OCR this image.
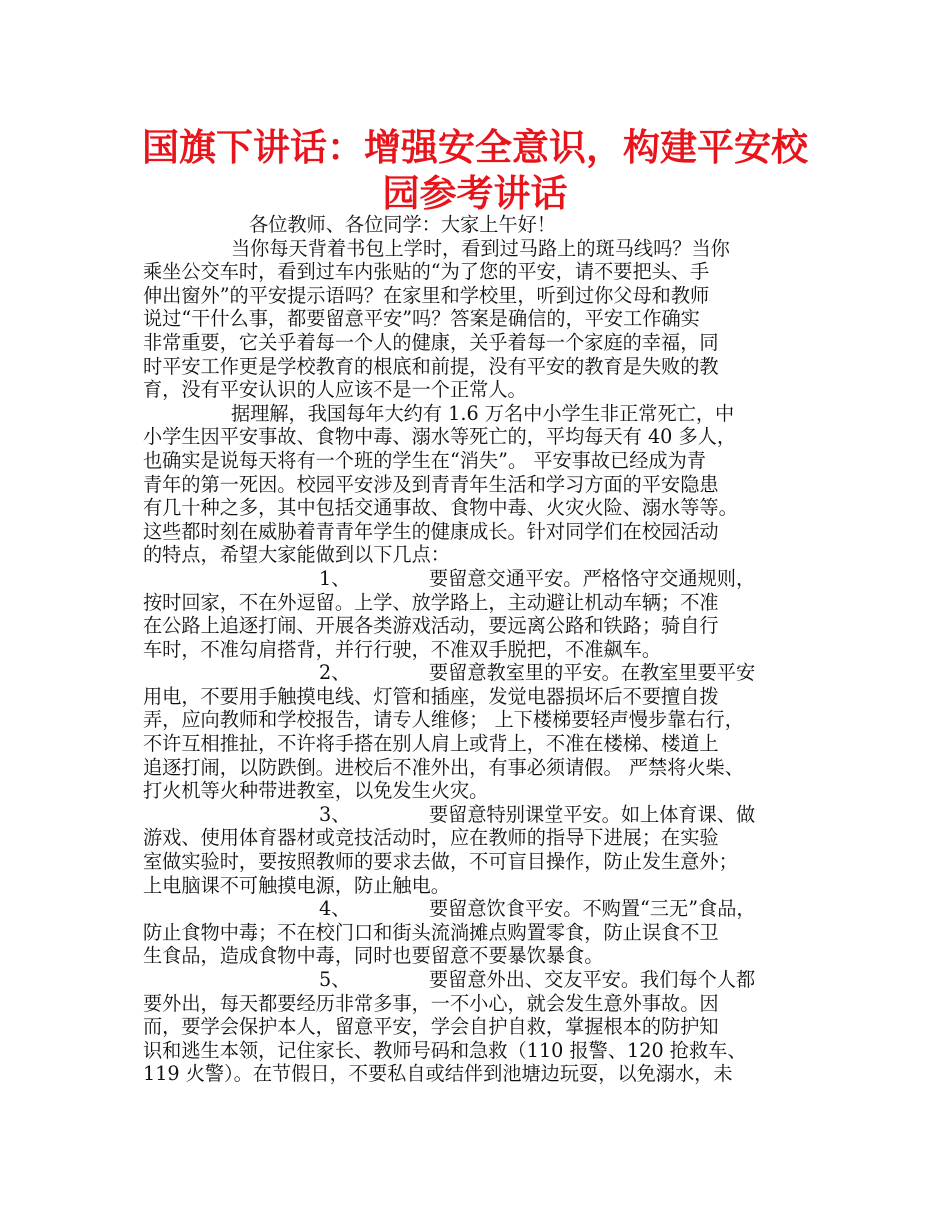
国旗下讲话：增强安全意识，构建平安校
园参考讲话

各位教师、各位同学：大家上午好！

当你每天背着书包上学时，看到过马路上的斑马线吗？当你

乘坐公交车时，看到过车内张贴的“为了您的平安，请不要把头、手

伸出窗外”的平安提示语吗？在家里和学校里，听到过你父母和教师

说过“干什么事，都要留意平安”吗？答案是确信的，平安工作确实

非常重要，它关乎着每一个人的健康，关乎着每一个家庭的幸福，同

时平安工作更是学校教育的根底和前提，没有平安的教育是失败的教

育，没有平安认识的人应该不是一个正常人。

据理解，我国每年大约有 1.6 万名中小学生非正常死亡，中

小学生因平安事故、食物中毒、溺水等死亡的，平均每天有 40 多人，

也确实是说每天将有一个班的学生在“消失”。 平安事故已经成为青

青年的第一死因。校园平安涉及到青青年生活和学习方面的平安隐患

有几十种之多，其中包括交通事故、食物中毒、火灾火险、溺水等等。

这些都时刻在威胁着青青年学生的健康成长。针对同学们在校园活动

的特点，希望大家能做到以下几点：

1、	要留意交通平安。严格恪守交通规则，

按时回家，不在外逗留。上学、放学路上，主动避让机动车辆；不准

在公路上追逐打闹、开展各类游戏活动，要远离公路和铁路；骑自行

车时，不准勾肩搭背，并行行驶，不准双手脱把，不准飙车。

2、	要留意教室里的平安。在教室里要平安

用电，不要用手触摸电线、灯管和插座，发觉电器损坏后不要擅自拨

弄，应向教师和学校报告，请专人维修； 上下楼梯要轻声慢步靠右行，

不许互相推扯，不许将手搭在别人肩上或背上，不准在楼梯、楼道上

追逐打闹，以防跌倒。进校后不准外出，有事必须请假。 严禁将火柴、

打火机等火种带进教室，以免发生火灾。

3、	要留意特别课堂平安。如上体育课、做

游戏、使用体育器材或竞技活动时，应在教师的指导下进展；在实验

室做实验时，要按照教师的要求去做，不可盲目操作，防止发生意外；

上电脑课不可触摸电源，防止触电。

4、	要留意饮食平安。不购置“三无”食品，

防止食物中毒；不在校门口和街头流淌摊点购置零食，防止误食不卫

生食品，造成食物中毒，同时也要留意不要暴饮暴食。

5、	要留意外出、交友平安。我们每个人都

要外出，每天都要经历非常多事，一不小心，就会发生意外事故。因

而，要学会保护本人，留意平安，学会自护自救，掌握根本的防护知

识和逃生本领，记住家长、教师号码和急救（110 报警、120 抢救车、

119 火警）。在节假日，不要私自或结伴到池塘边玩耍，以免溺水，未
